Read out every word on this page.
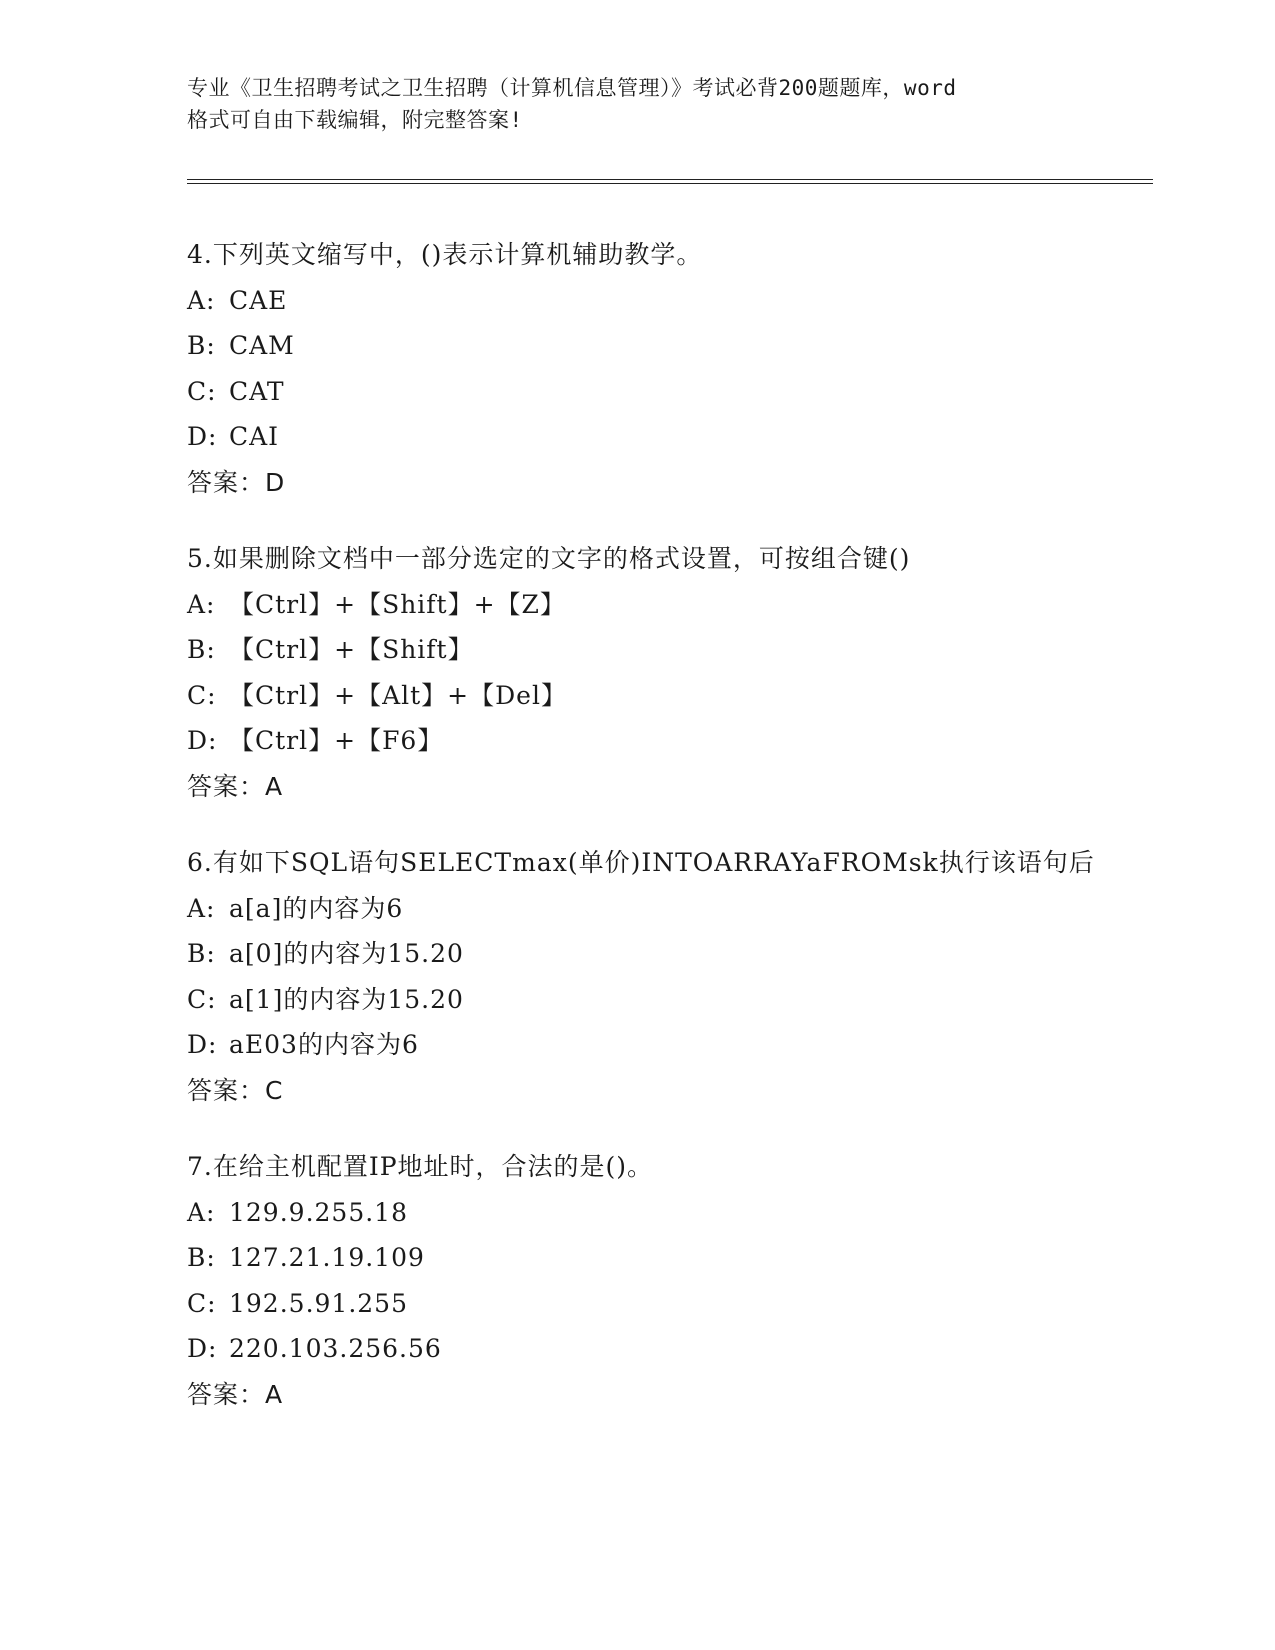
专业《卫生招聘考试之卫生招聘（计算机信息管理）》考试必背200题题库，word
格式可自由下载编辑，附完整答案!
4.下列英文缩写中，()表示计算机辅助教学。
A: CAE
B: CAM
C: CAT
D: CAI
答案：D
5.如果删除文档中一部分选定的文字的格式设置，可按组合键()
A: 【Ctrl】+【Shift】+【Z】
B: 【Ctrl】+【Shift】
C: 【Ctrl】+【Alt】+【Del】
D: 【Ctrl】+【F6】
答案：A
6.有如下SQL语句SELECTmax(单价)INTOARRAYaFROMsk执行该语句后
A: a[a]的内容为6
B: a[0]的内容为15.20
C: a[1]的内容为15.20
D: aE03的内容为6
答案：C
7.在给主机配置IP地址时，合法的是()。
A: 129.9.255.18
B: 127.21.19.109
C: 192.5.91.255
D: 220.103.256.56
答案：A
